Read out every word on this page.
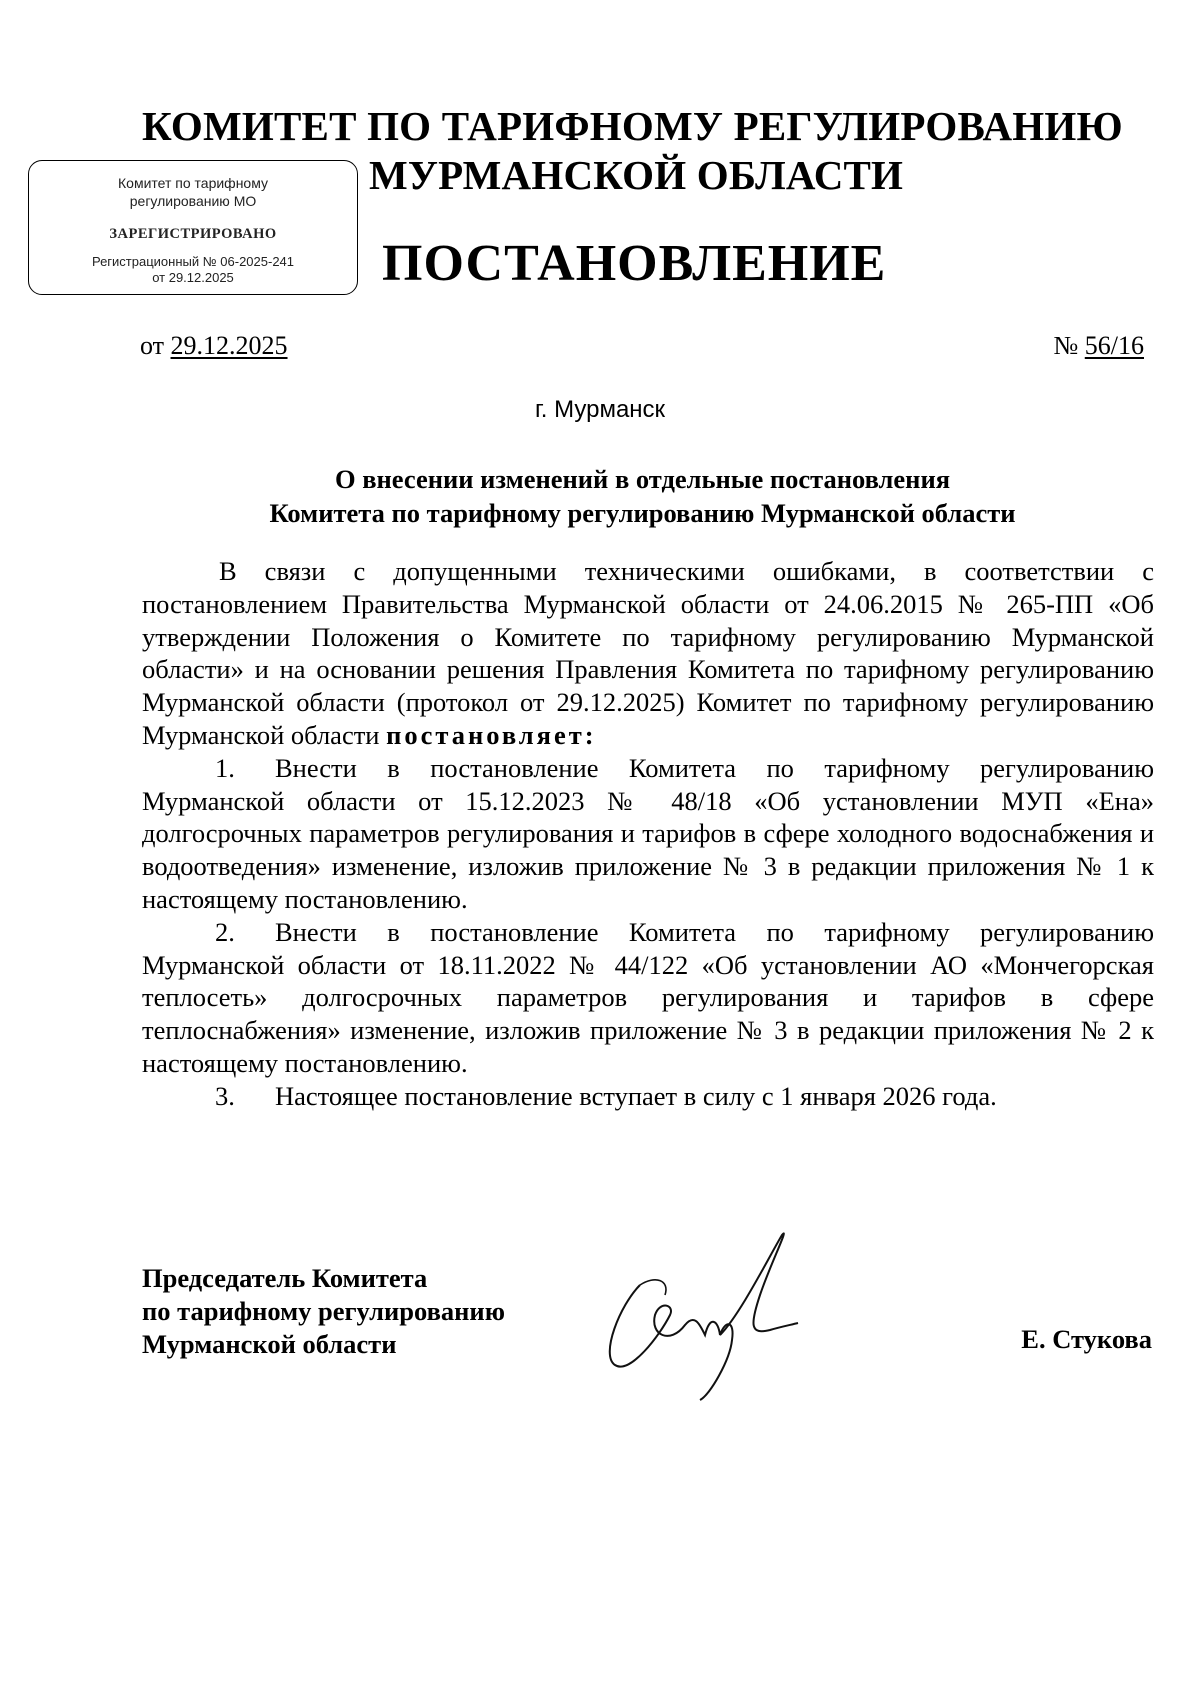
КОМИТЕТ ПО ТАРИФНОМУ РЕГУЛИРОВАНИЮ
МУРМАНСКОЙ ОБЛАСТИ
ПОСТАНОВЛЕНИЕ
Комитет по тарифному
регулированию МО
ЗАРЕГИСТРИРОВАНО
Регистрационный № 06-2025-241
от 29.12.2025
от 29.12.2025	№ 56/16
г. Мурманск
О внесении изменений в отдельные постановления
Комитета по тарифному регулированию Мурманской области

В связи с допущенными техническими ошибками, в соответствии с постановлением Правительства Мурманской области от 24.06.2015 № 265-ПП «Об утверждении Положения о Комитете по тарифному регулированию Мурманской области» и на основании решения Правления Комитета по тарифному регулированию Мурманской области (протокол от 29.12.2025) Комитет по тарифному регулированию Мурманской области постановляет:

1. Внести в постановление Комитета по тарифному регулированию Мурманской области от 15.12.2023 № 48/18 «Об установлении МУП «Ена» долгосрочных параметров регулирования и тарифов в сфере холодного водоснабжения и водоотведения» изменение, изложив приложение № 3 в редакции приложения № 1 к настоящему постановлению.

2. Внести в постановление Комитета по тарифному регулированию Мурманской области от 18.11.2022 № 44/122 «Об установлении АО «Мончегорская теплосеть» долгосрочных параметров регулирования и тарифов в сфере теплоснабжения» изменение, изложив приложение № 3 в редакции приложения № 2 к настоящему постановлению.

3. Настоящее постановление вступает в силу с 1 января 2026 года.

Председатель Комитета
по тарифному регулированию
Мурманской области	Е. Стукова
